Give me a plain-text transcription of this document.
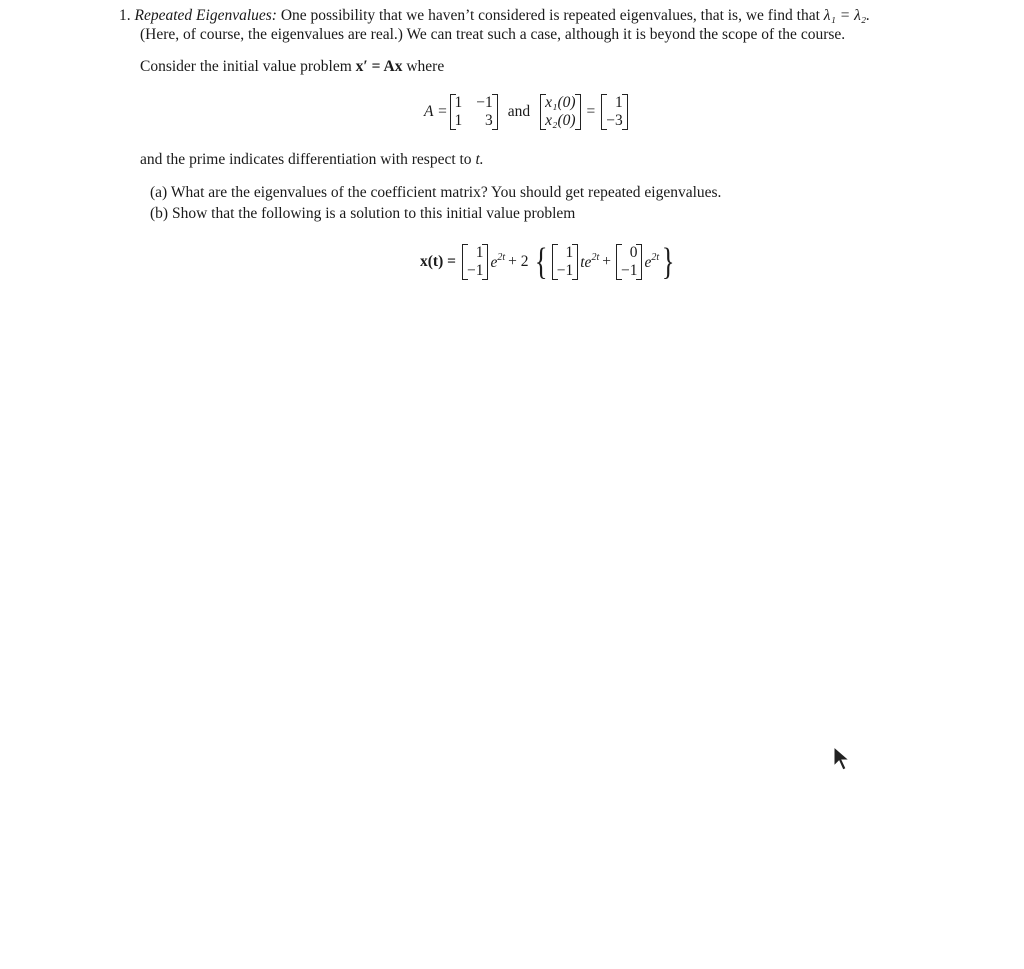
1. Repeated Eigenvalues: One possibility that we haven’t considered is repeated eigenvalues, that is, we find that λ₁ = λ₂.
(Here, of course, the eigenvalues are real.) We can treat such a case, although it is beyond the scope of the course.
Consider the initial value problem x′ = Ax where
A =
1 −1
1	3
and
x₁(0)
x₂(0)
=
1
−3
and the prime indicates differentiation with respect to t.
(a) What are the eigenvalues of the coefficient matrix? You should get repeated eigenvalues.
(b) Show that the following is a solution to this initial value problem
x(t) =
1
−1 $e^{2t} + 2$ {	1
−1 $te^{2t}$ +
0
−1 $e^{2t}$ }
